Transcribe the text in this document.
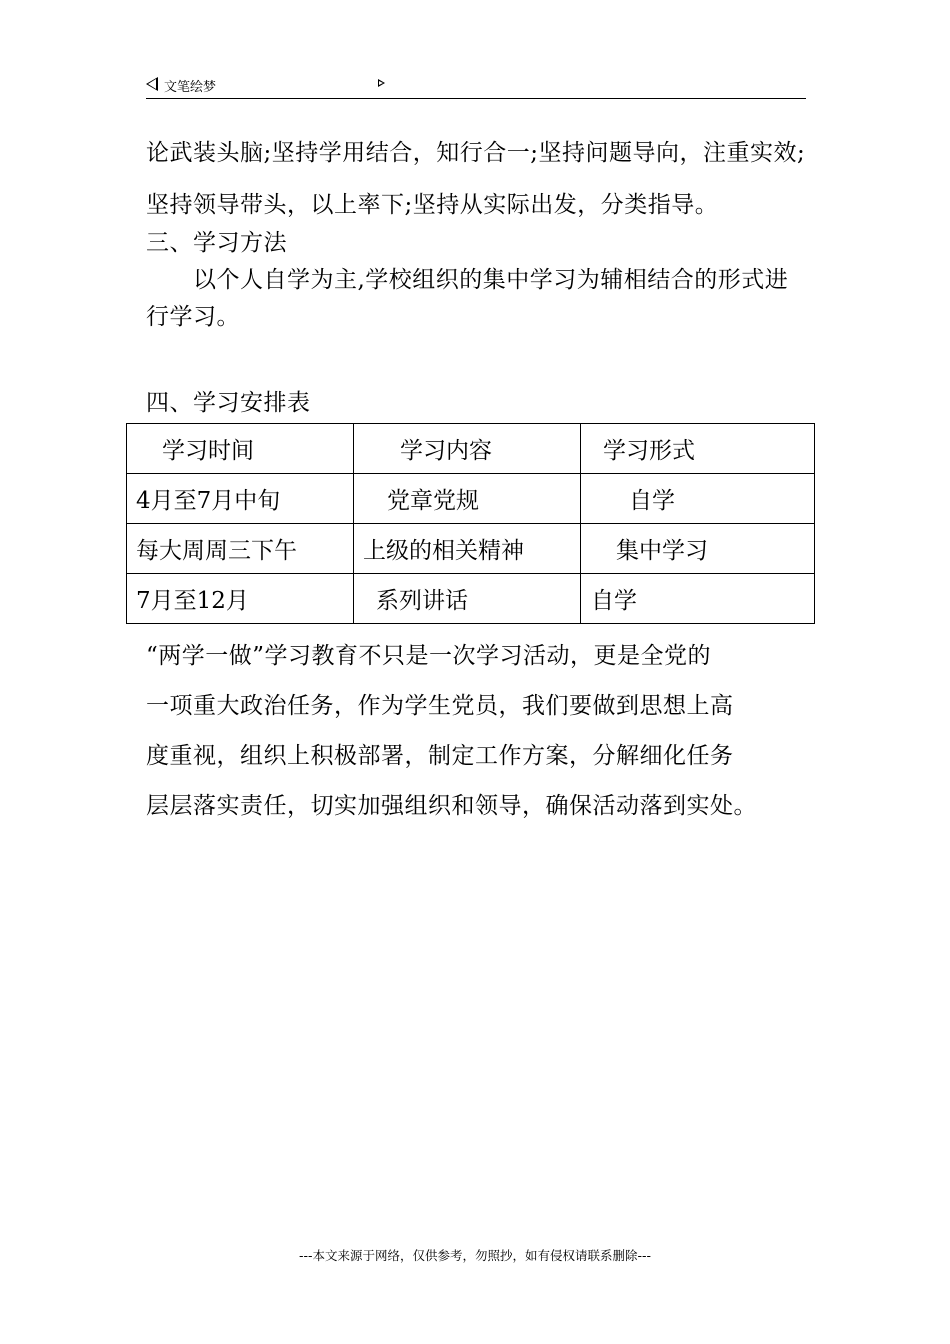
文笔绘梦
论武装头脑;坚持学用结合，知行合一;坚持问题导向，注重实效;
坚持领导带头，以上率下;坚持从实际出发，分类指导。
三、学习方法
以个人自学为主,学校组织的集中学习为辅相结合的形式进
行学习。
四、学习安排表
学习时间	学习内容	学习形式
4月至7月中旬	党章党规	自学
每大周周三下午	上级的相关精神	集中学习
7月至12月	系列讲话	自学
“两学一做”学习教育不只是一次学习活动，更是全党的
一项重大政治任务，作为学生党员，我们要做到思想上高
度重视，组织上积极部署，制定工作方案，分解细化任务
层层落实责任，切实加强组织和领导，确保活动落到实处。
---本文来源于网络，仅供参考，勿照抄，如有侵权请联系删除---
